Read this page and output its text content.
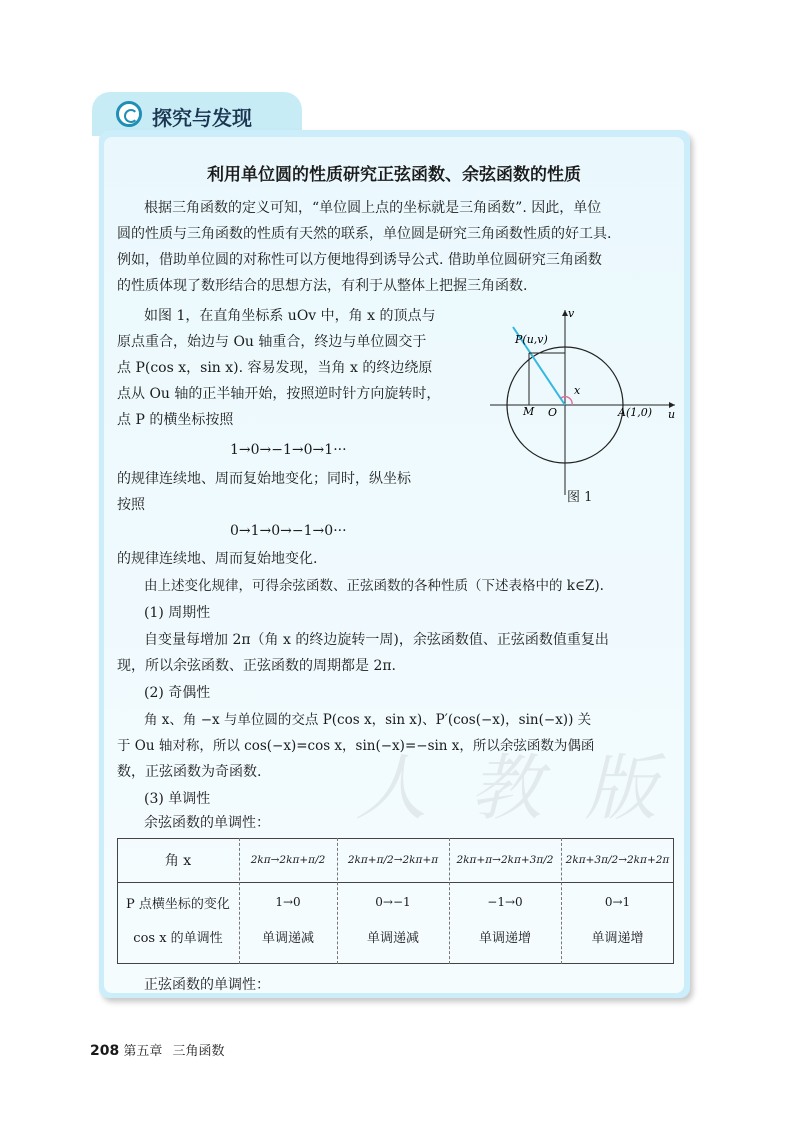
探究与发现
人 教 版
利用单位圆的性质研究正弦函数、余弦函数的性质
根据三角函数的定义可知，“单位圆上点的坐标就是三角函数”. 因此，单位
圆的性质与三角函数的性质有天然的联系，单位圆是研究三角函数性质的好工具.
例如，借助单位圆的对称性可以方便地得到诱导公式. 借助单位圆研究三角函数
的性质体现了数形结合的思想方法，有利于从整体上把握三角函数.
如图 1，在直角坐标系 uOv 中，角 x 的顶点与
原点重合，始边与 Ou 轴重合，终边与单位圆交于
点 P(cos x，sin x). 容易发现，当角 x 的终边绕原
点从 Ou 轴的正半轴开始，按照逆时针方向旋转时，
点 P 的横坐标按照
1→0→−1→0→1···
的规律连续地、周而复始地变化；同时，纵坐标
按照
0→1→0→−1→0···
的规律连续地、周而复始地变化.
由上述变化规律，可得余弦函数、正弦函数的各种性质（下述表格中的 k∈Z).
(1) 周期性
自变量每增加 2π（角 x 的终边旋转一周)，余弦函数值、正弦函数值重复出
现，所以余弦函数、正弦函数的周期都是 2π.
(2) 奇偶性
角 x、角 −x 与单位圆的交点 P(cos x，sin x)、P′(cos(−x)，sin(−x)) 关
于 Ou 轴对称，所以 cos(−x)=cos x，sin(−x)=−sin x，所以余弦函数为偶函
数，正弦函数为奇函数.
(3) 单调性
余弦函数的单调性：
v
u
P(u,v)
M O	A(1,0)
x
图 1
角 x	2kπ→2kπ+π/2	2kπ+π/2→2kπ+π	2kπ+π→2kπ+3π/2	2kπ+3π/2→2kπ+2π
P 点横坐标的变化	1→0	0→−1	−1→0	0→1
cos x 的单调性	单调递减	单调递减	单调递增	单调递增
正弦函数的单调性：
208 第五章 三角函数
